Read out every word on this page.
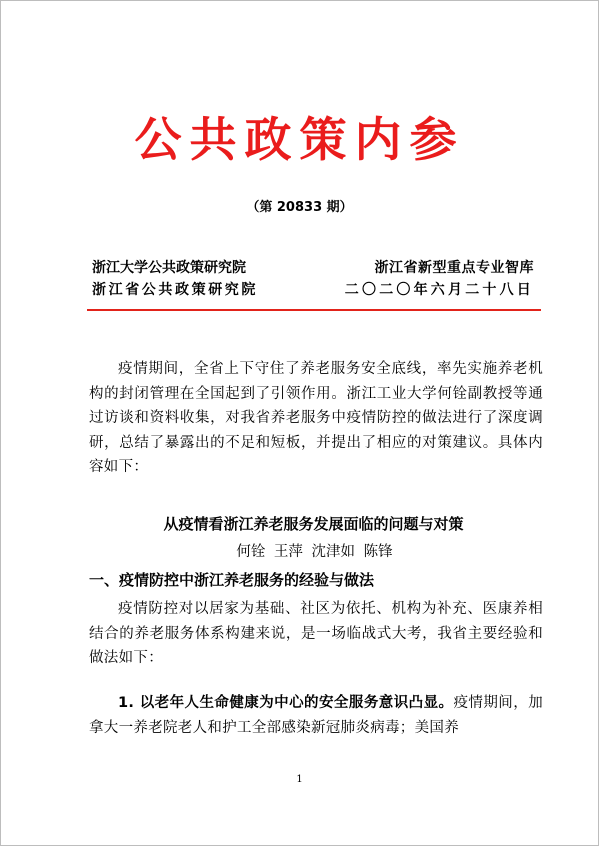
公共政策内参
（第 20833 期）
浙江大学公共政策研究院	浙江省新型重点专业智库
浙江省公共政策研究院	二〇二〇年六月二十八日
疫情期间，全省上下守住了养老服务安全底线，率先实施养老机构的封闭管理在全国起到了引领作用。浙江工业大学何铨副教授等通过访谈和资料收集，对我省养老服务中疫情防控的做法进行了深度调研，总结了暴露出的不足和短板，并提出了相应的对策建议。具体内容如下：
从疫情看浙江养老服务发展面临的问题与对策
何铨 王萍 沈津如 陈锋
一、疫情防控中浙江养老服务的经验与做法
疫情防控对以居家为基础、社区为依托、机构为补充、医康养相结合的养老服务体系构建来说，是一场临战式大考，我省主要经验和做法如下：
1. 以老年人生命健康为中心的安全服务意识凸显。疫情期间，加拿大一养老院老人和护工全部感染新冠肺炎病毒；美国养
1
